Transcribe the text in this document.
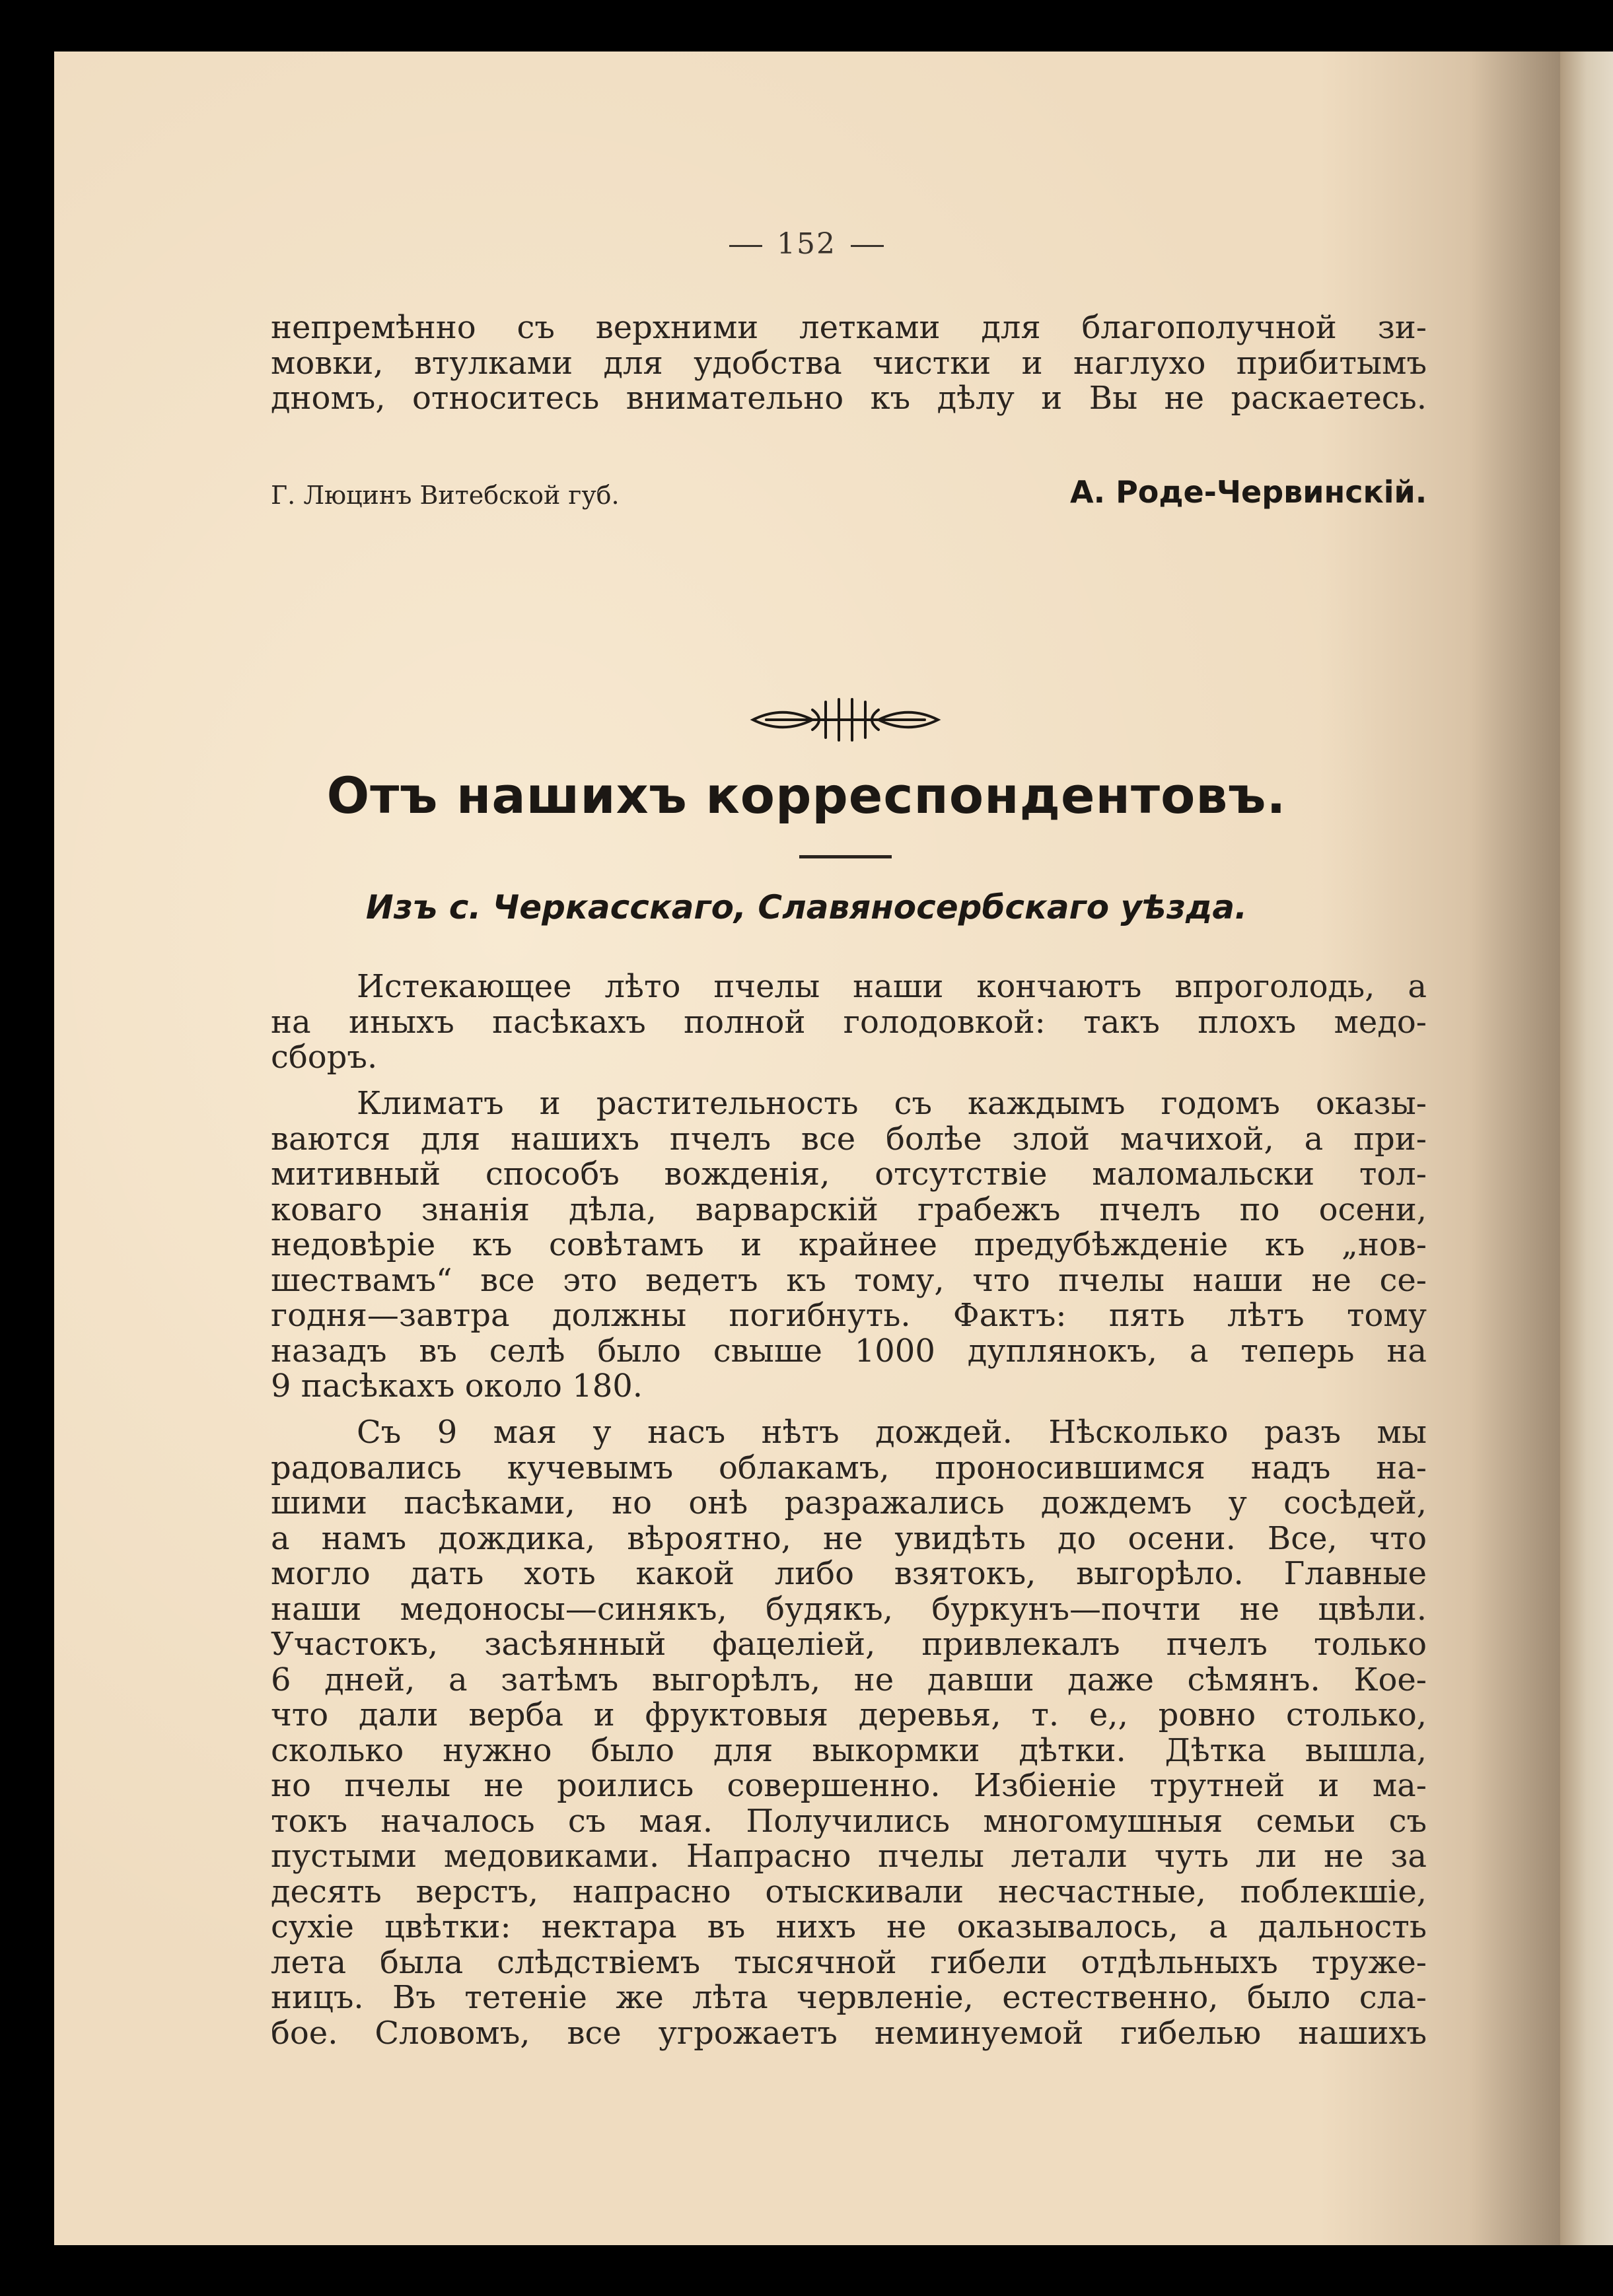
152
непремѣнно съ верхними летками для благополучной зи-
мовки, втулками для удобства чистки и наглухо прибитымъ
дномъ, относитесь внимательно къ дѣлу и Вы не раскаетесь.
Г. Люцинъ Витебской губ.	А. Роде-Червинскій.
Отъ нашихъ корреспондентовъ.
Изъ с. Черкасскаго, Славяносербскаго уѣзда.
Истекающее лѣто пчелы наши кончаютъ впроголодь, а
на иныхъ пасѣкахъ полной голодовкой: такъ плохъ медо-
сборъ.
Климатъ и растительность съ каждымъ годомъ оказы-
ваются для нашихъ пчелъ все болѣе злой мачихой, а при-
митивный способъ вожденія, отсутствіе маломальски тол-
коваго знанія дѣла, варварскій грабежъ пчелъ по осени,
недовѣріе къ совѣтамъ и крайнее предубѣжденіе къ „нов-
шествамъ“ все это ведетъ къ тому, что пчелы наши не се-
годня—завтра должны погибнуть. Фактъ: пять лѣтъ тому
назадъ въ селѣ было свыше 1000 дуплянокъ, а теперь на
9 пасѣкахъ около 180.
Съ 9 мая у насъ нѣтъ дождей. Нѣсколько разъ мы
радовались кучевымъ облакамъ, проносившимся надъ на-
шими пасѣками, но онѣ разражались дождемъ у сосѣдей,
а намъ дождика, вѣроятно, не увидѣть до осени. Все, что
могло дать хоть какой либо взятокъ, выгорѣло. Главные
наши медоносы—синякъ, будякъ, буркунъ—почти не цвѣли.
Участокъ, засѣянный фацеліей, привлекалъ пчелъ только
6 дней, а затѣмъ выгорѣлъ, не давши даже сѣмянъ. Кое-
что дали верба и фруктовыя деревья, т. е,, ровно столько,
сколько нужно было для выкормки дѣтки. Дѣтка вышла,
но пчелы не роились совершенно. Избіеніе трутней и ма-
токъ началось съ мая. Получились многомушныя семьи съ
пустыми медовиками. Напрасно пчелы летали чуть ли не за
десять верстъ, напрасно отыскивали несчастные, поблекшіе,
сухіе цвѣтки: нектара въ нихъ не оказывалось, а дальность
лета была слѣдствіемъ тысячной гибели отдѣльныхъ труже-
ницъ. Въ тетеніе же лѣта червленіе, естественно, было сла-
бое. Словомъ, все угрожаетъ неминуемой гибелью нашихъ
